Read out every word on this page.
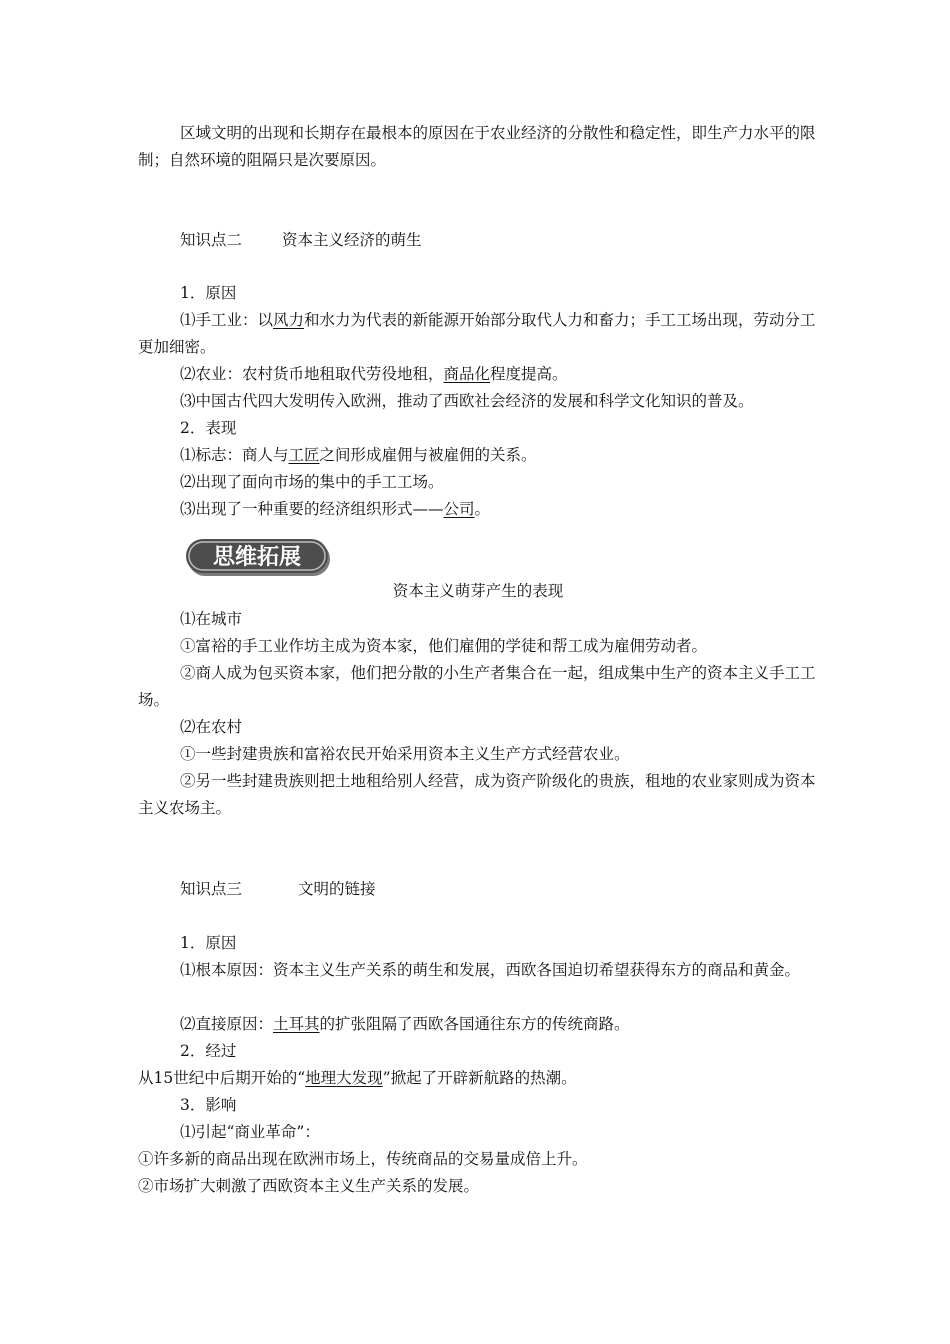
区域文明的出现和长期存在最根本的原因在于农业经济的分散性和稳定性，即生产力水平的限制；自然环境的阻隔只是次要原因。

知识点二	资本主义经济的萌生

1．原因

⑴手工业：以风力和水力为代表的新能源开始部分取代人力和畜力；手工工场出现，劳动分工更加细密。

⑵农业：农村货币地租取代劳役地租，商品化程度提高。

⑶中国古代四大发明传入欧洲，推动了西欧社会经济的发展和科学文化知识的普及。

2．表现

⑴标志：商人与工匠之间形成雇佣与被雇佣的关系。

⑵出现了面向市场的集中的手工工场。

⑶出现了一种重要的经济组织形式——公司。

思维拓展
资本主义萌芽产生的表现

⑴在城市

①富裕的手工业作坊主成为资本家，他们雇佣的学徒和帮工成为雇佣劳动者。

②商人成为包买资本家，他们把分散的小生产者集合在一起，组成集中生产的资本主义手工工场。

⑵在农村

①一些封建贵族和富裕农民开始采用资本主义生产方式经营农业。

②另一些封建贵族则把土地租给别人经营，成为资产阶级化的贵族，租地的农业家则成为资本主义农场主。

知识点三	文明的链接

1．原因

⑴根本原因：资本主义生产关系的萌生和发展，西欧各国迫切希望获得东方的商品和黄金。

⑵直接原因：土耳其的扩张阻隔了西欧各国通往东方的传统商路。

2．经过

从15世纪中后期开始的“地理大发现”掀起了开辟新航路的热潮。

3．影响

⑴引起“商业革命”：

①许多新的商品出现在欧洲市场上，传统商品的交易量成倍上升。

②市场扩大刺激了西欧资本主义生产关系的发展。
